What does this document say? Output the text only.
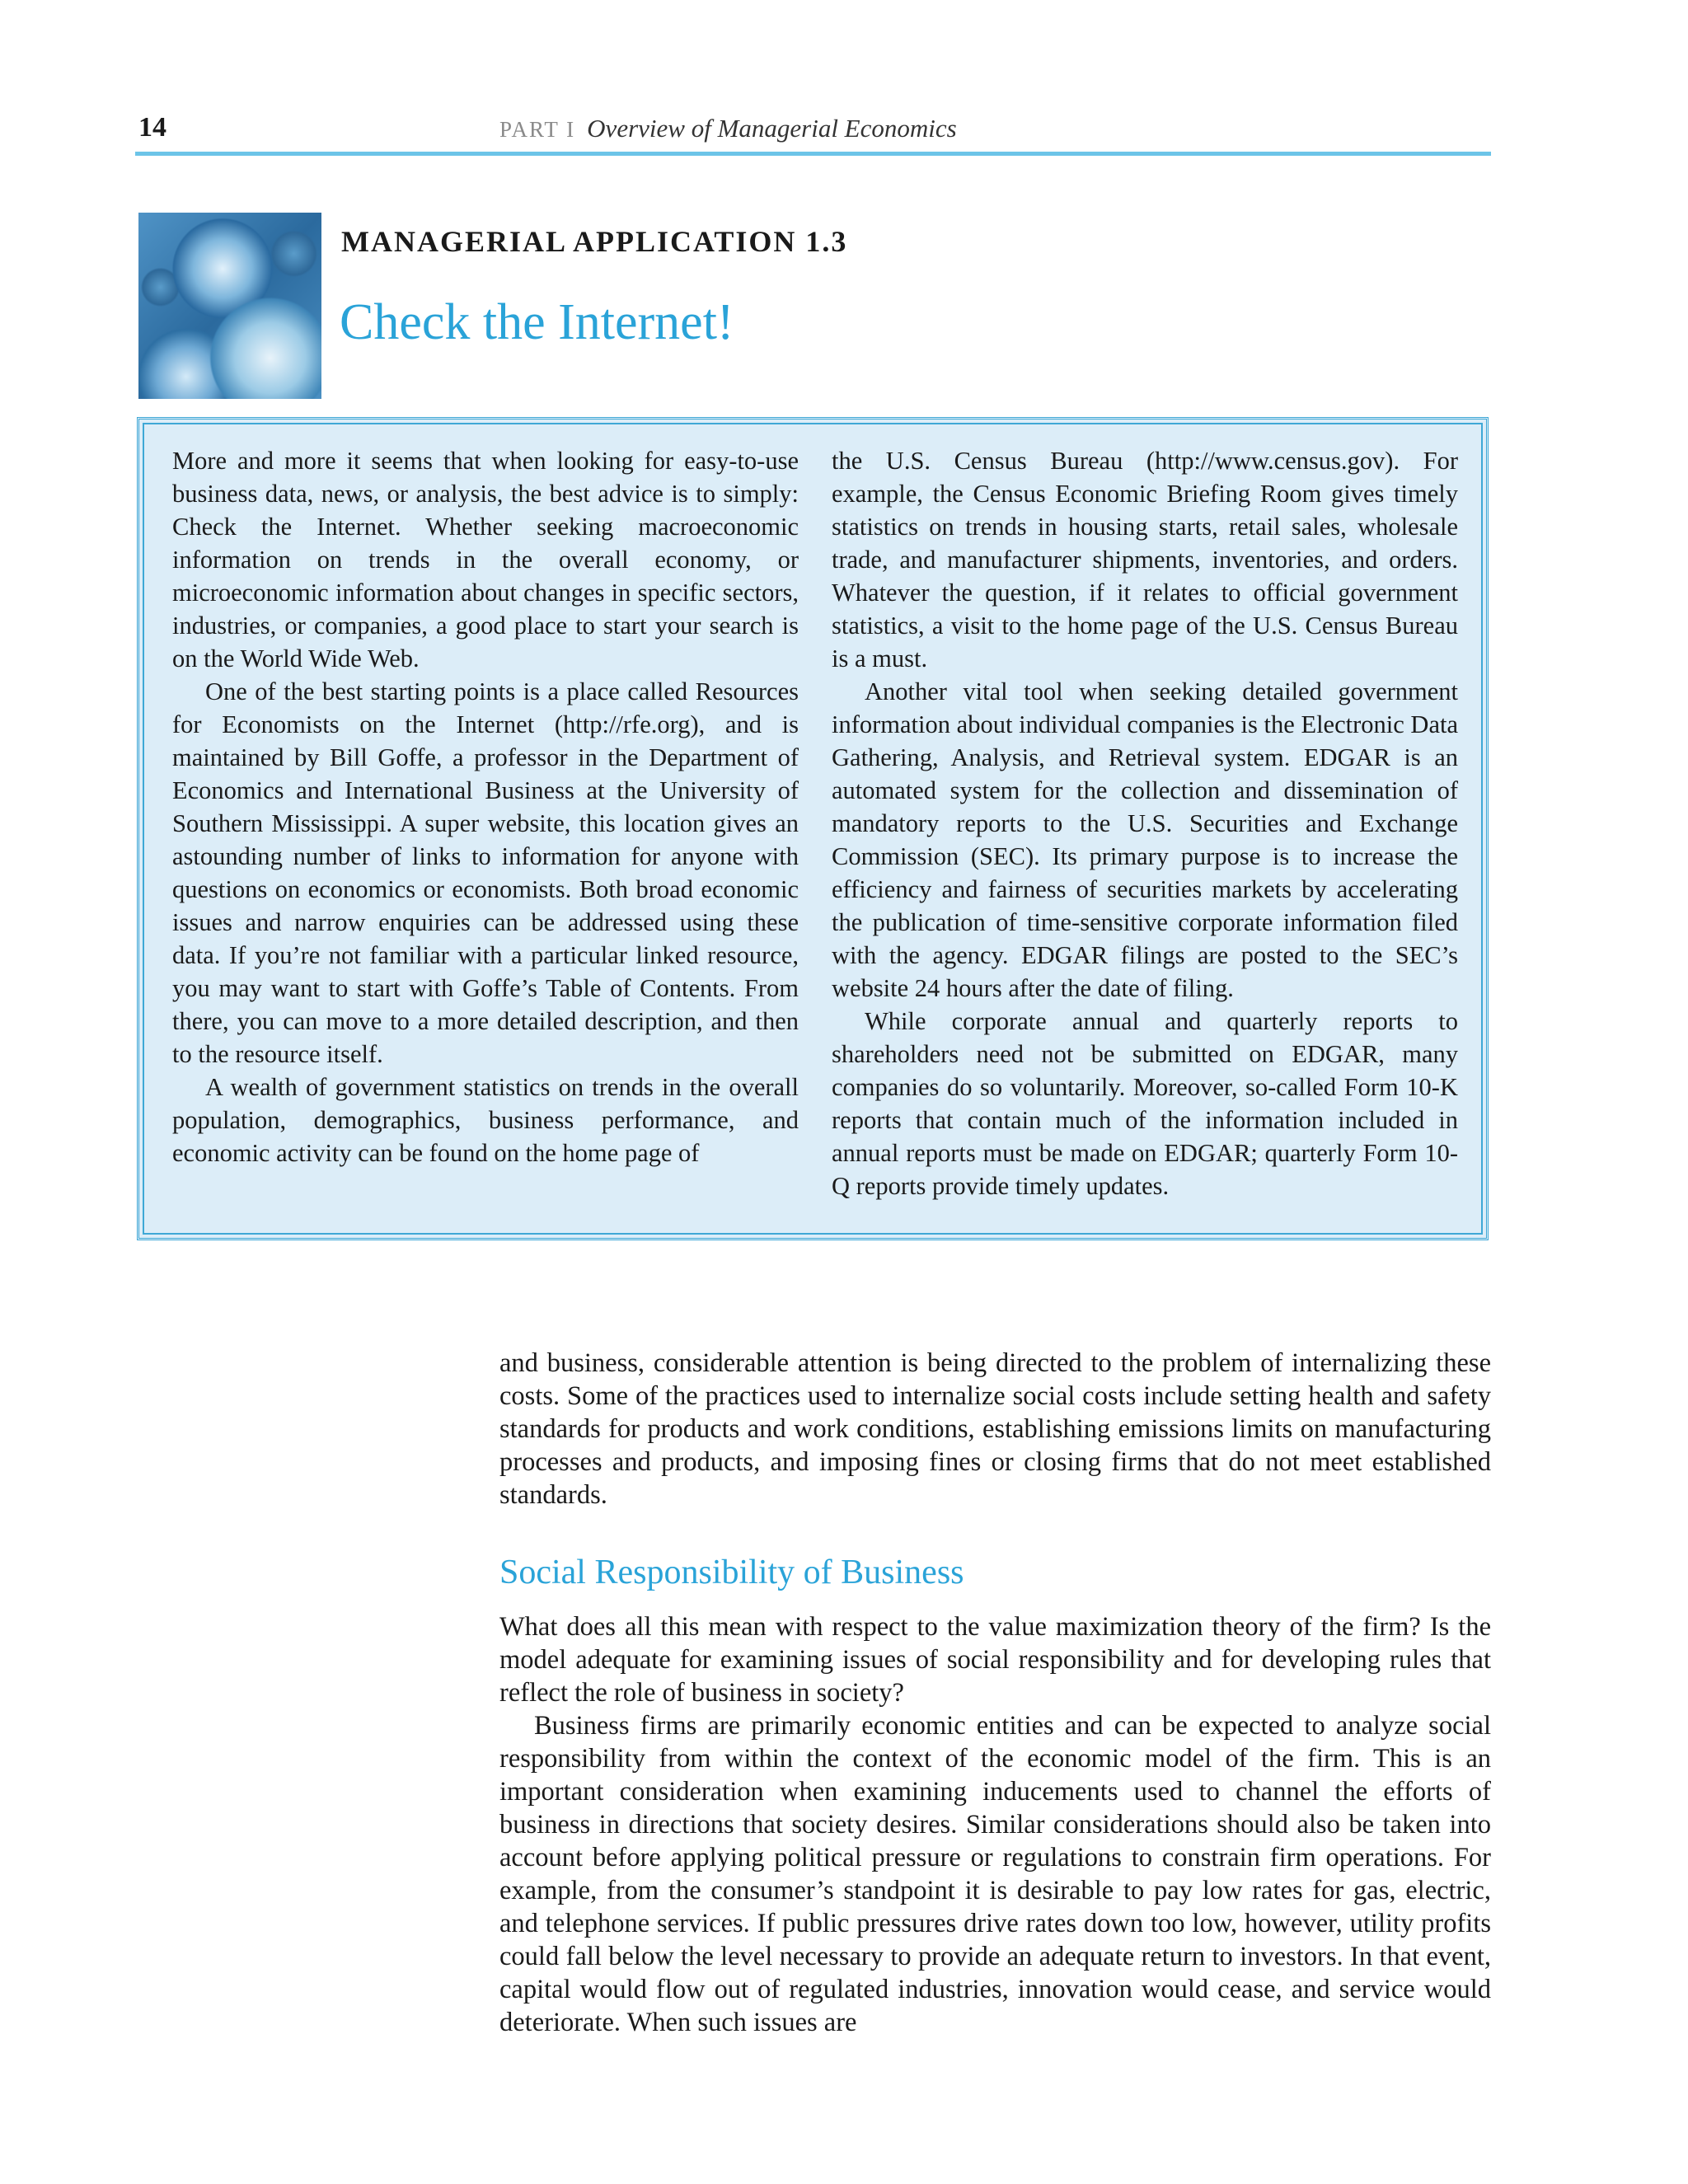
14	PART I Overview of Managerial Economics
MANAGERIAL APPLICATION 1.3
Check the Internet!

More and more it seems that when looking for easy-to-use business data, news, or analysis, the best advice is to simply: Check the Internet. Whether seeking macroeconomic information on trends in the overall economy, or microeconomic information about changes in specific sectors, industries, or companies, a good place to start your search is on the World Wide Web.

One of the best starting points is a place called Resources for Economists on the Internet (http://rfe.org), and is maintained by Bill Goffe, a professor in the Department of Economics and International Business at the University of Southern Mississippi. A super website, this location gives an astounding number of links to information for anyone with questions on economics or economists. Both broad economic issues and narrow enquiries can be addressed using these data. If you’re not familiar with a particular linked resource, you may want to start with Goffe’s Table of Contents. From there, you can move to a more detailed description, and then to the resource itself.

A wealth of government statistics on trends in the overall population, demographics, business performance, and economic activity can be found on the home page of

the U.S. Census Bureau (http://www.census.gov). For example, the Census Economic Briefing Room gives timely statistics on trends in housing starts, retail sales, wholesale trade, and manufacturer shipments, inventories, and orders. Whatever the question, if it relates to official government statistics, a visit to the home page of the U.S. Census Bureau is a must.

Another vital tool when seeking detailed government information about individual companies is the Electronic Data Gathering, Analysis, and Retrieval system. EDGAR is an automated system for the collection and dissemination of mandatory reports to the U.S. Securities and Exchange Commission (SEC). Its primary purpose is to increase the efficiency and fairness of securities markets by accelerating the publication of time-sensitive corporate information filed with the agency. EDGAR filings are posted to the SEC’s website 24 hours after the date of filing.

While corporate annual and quarterly reports to shareholders need not be submitted on EDGAR, many companies do so voluntarily. Moreover, so-called Form 10-K reports that contain much of the information included in annual reports must be made on EDGAR; quarterly Form 10-Q reports provide timely updates.

and business, considerable attention is being directed to the problem of internalizing these costs. Some of the practices used to internalize social costs include setting health and safety standards for products and work conditions, establishing emissions limits on manufacturing processes and products, and imposing fines or closing firms that do not meet established standards.

Social Responsibility of Business

What does all this mean with respect to the value maximization theory of the firm? Is the model adequate for examining issues of social responsibility and for developing rules that reflect the role of business in society?

Business firms are primarily economic entities and can be expected to analyze social responsibility from within the context of the economic model of the firm. This is an important consideration when examining inducements used to channel the efforts of business in directions that society desires. Similar considerations should also be taken into account before applying political pressure or regulations to constrain firm operations. For example, from the consumer’s standpoint it is desirable to pay low rates for gas, electric, and telephone services. If public pressures drive rates down too low, however, utility profits could fall below the level necessary to provide an adequate return to investors. In that event, capital would flow out of regulated industries, innovation would cease, and service would deteriorate. When such issues are
